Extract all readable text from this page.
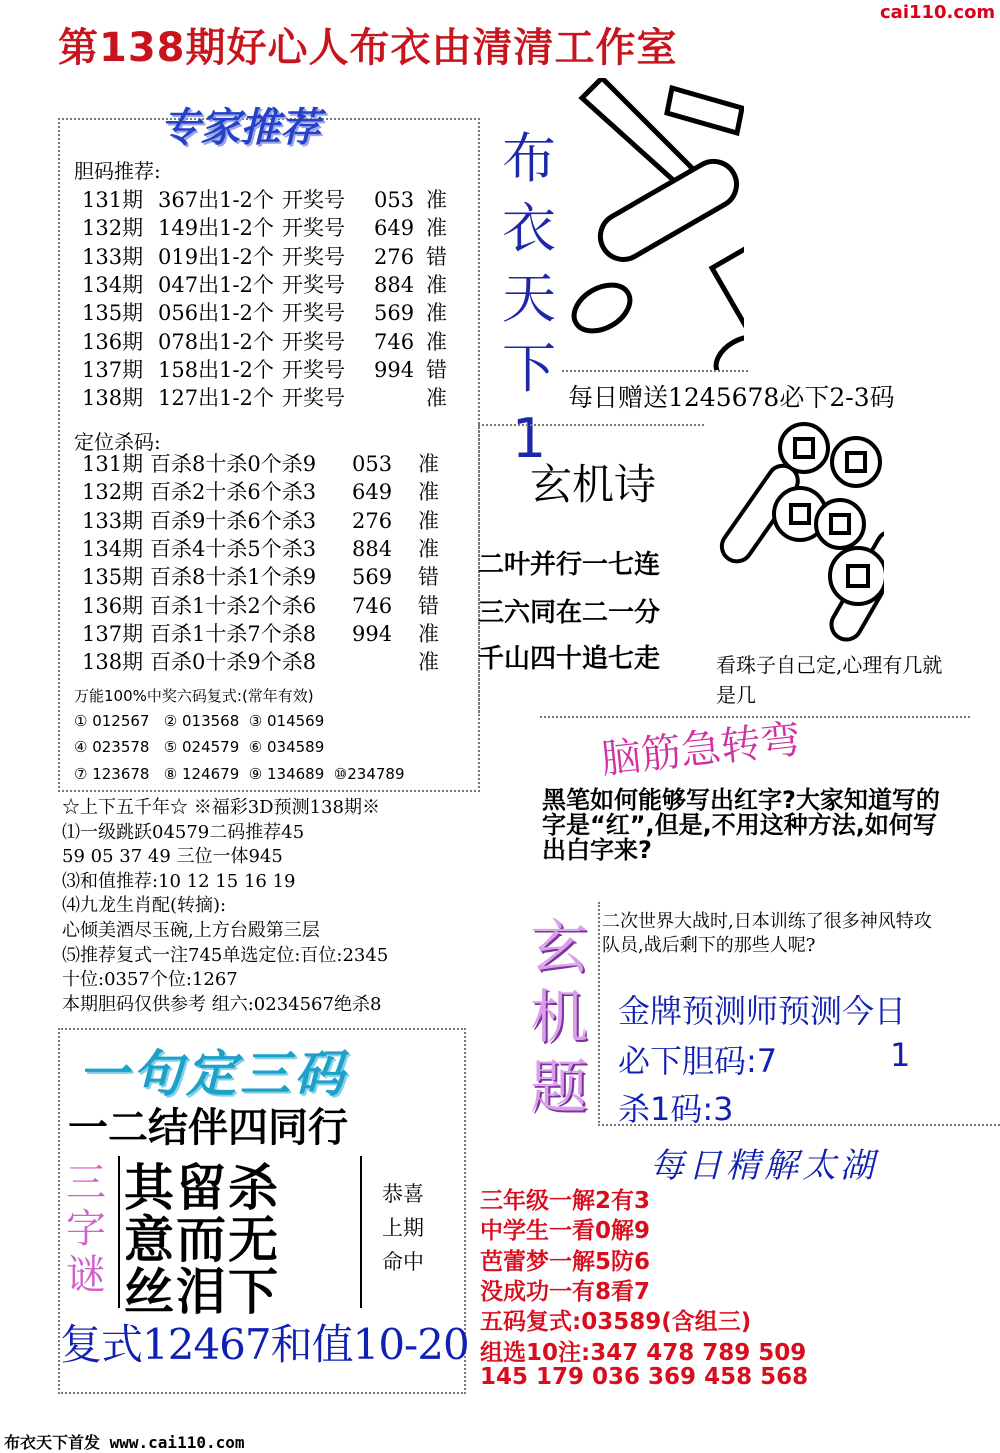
cai110.com
第138期好心人布衣由清清工作室
专家推荐
胆码推荐:
131期 367出1-2个 开奖号 053 准
132期 149出1-2个 开奖号 649 准
133期 019出1-2个 开奖号 276 错
134期 047出1-2个 开奖号 884 准
135期 056出1-2个 开奖号 569 准
136期 078出1-2个 开奖号 746 准
137期 158出1-2个 开奖号 994 错
138期 127出1-2个 开奖号	准
定位杀码:
131期 百杀8十杀0个杀9 053 准
132期 百杀2十杀6个杀3 649 准
133期 百杀9十杀6个杀3 276 准
134期 百杀4十杀5个杀3 884 准
135期 百杀8十杀1个杀9 569 错
136期 百杀1十杀2个杀6 746 错
137期 百杀1十杀7个杀8 994 准
138期 百杀0十杀9个杀8	准
万能100%中奖六码复式:(常年有效)
① 012567   ② 013568  ③ 014569
④ 023578   ⑤ 024579  ⑥ 034589
⑦ 123678   ⑧ 124679  ⑨ 134689  ⑩234789
☆上下五千年☆ ※福彩3D预测138期※
⑴一级跳跃04579二码推荐45
59 05 37 49 三位一体945
⑶和值推荐:10 12 15 16 19
⑷九龙生肖配(转摘):
心倾美酒尽玉碗,上方台殿第三层
⑸推荐复式一注745单选定位:百位:2345
十位:0357个位:1267
本期胆码仅供参考 组六:0234567绝杀8
一句定三码
一二结伴四同行
三
字
谜
其留杀
意而无
丝泪下
恭喜
上期
命中
复式12467和值10-20
布
衣
天
下
1
每日赠送1245678必下2-3码
玄机诗
二叶并行一七连
三六同在二一分
千山四十追七走	看珠子自己定,心理有几就是几
脑筋急转弯
黑笔如何能够写出红字?大家知道写的字是“红”,但是,不用这种方法,如何写出白字来?
玄
机
题
二次世界大战时,日本训练了很多神风特攻队员,战后剩下的那些人呢?
金牌预测师预测今日
必下胆码:7	1
杀1码:3
每日精解太湖
三年级一解2有3
中学生一看0解9
芭蕾梦一解5防6
没成功一有8看7
五码复式:03589(含组三)
组选10注:347 478 789 509
145 179 036 369 458 568
布衣天下首发 www.cai110.com
